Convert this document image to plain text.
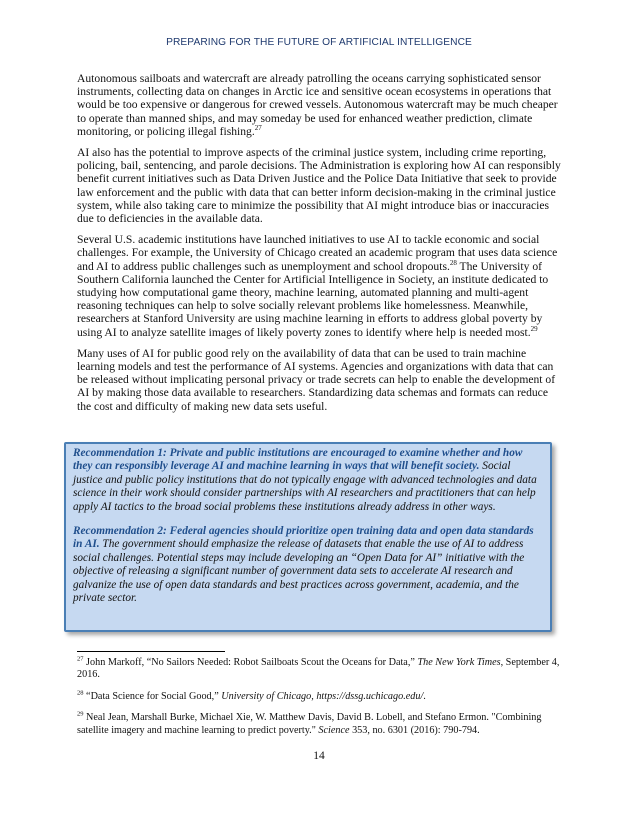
PREPARING FOR THE FUTURE OF ARTIFICIAL INTELLIGENCE

Autonomous sailboats and watercraft are already patrolling the oceans carrying sophisticated sensor instruments, collecting data on changes in Arctic ice and sensitive ocean ecosystems in operations that would be too expensive or dangerous for crewed vessels. Autonomous watercraft may be much cheaper to operate than manned ships, and may someday be used for enhanced weather prediction, climate monitoring, or policing illegal fishing.$^{27}$

AI also has the potential to improve aspects of the criminal justice system, including crime reporting, policing, bail, sentencing, and parole decisions. The Administration is exploring how AI can responsibly benefit current initiatives such as Data Driven Justice and the Police Data Initiative that seek to provide law enforcement and the public with data that can better inform decision-making in the criminal justice system, while also taking care to minimize the possibility that AI might introduce bias or inaccuracies due to deficiencies in the available data.

Several U.S. academic institutions have launched initiatives to use AI to tackle economic and social challenges. For example, the University of Chicago created an academic program that uses data science and AI to address public challenges such as unemployment and school dropouts.$^{28}$ The University of Southern California launched the Center for Artificial Intelligence in Society, an institute dedicated to studying how computational game theory, machine learning, automated planning and multi-agent reasoning techniques can help to solve socially relevant problems like homelessness. Meanwhile, researchers at Stanford University are using machine learning in efforts to address global poverty by using AI to analyze satellite images of likely poverty zones to identify where help is needed most.$^{29}$

Many uses of AI for public good rely on the availability of data that can be used to train machine learning models and test the performance of AI systems. Agencies and organizations with data that can be released without implicating personal privacy or trade secrets can help to enable the development of AI by making those data available to researchers. Standardizing data schemas and formats can reduce the cost and difficulty of making new data sets useful.

Recommendation 1: Private and public institutions are encouraged to examine whether and how they can responsibly leverage AI and machine learning in ways that will benefit society. Social justice and public policy institutions that do not typically engage with advanced technologies and data science in their work should consider partnerships with AI researchers and practitioners that can help apply AI tactics to the broad social problems these institutions already address in other ways.

Recommendation 2: Federal agencies should prioritize open training data and open data standards in AI. The government should emphasize the release of datasets that enable the use of AI to address social challenges. Potential steps may include developing an “Open Data for AI” initiative with the objective of releasing a significant number of government data sets to accelerate AI research and galvanize the use of open data standards and best practices across government, academia, and the private sector.

$^{27}$ John Markoff, “No Sailors Needed: Robot Sailboats Scout the Oceans for Data,” The New York Times, September 4, 2016.

$^{28}$ “Data Science for Social Good,” University of Chicago, https://dssg.uchicago.edu/.

$^{29}$ Neal Jean, Marshall Burke, Michael Xie, W. Matthew Davis, David B. Lobell, and Stefano Ermon. "Combining satellite imagery and machine learning to predict poverty." Science 353, no. 6301 (2016): 790-794.

14
